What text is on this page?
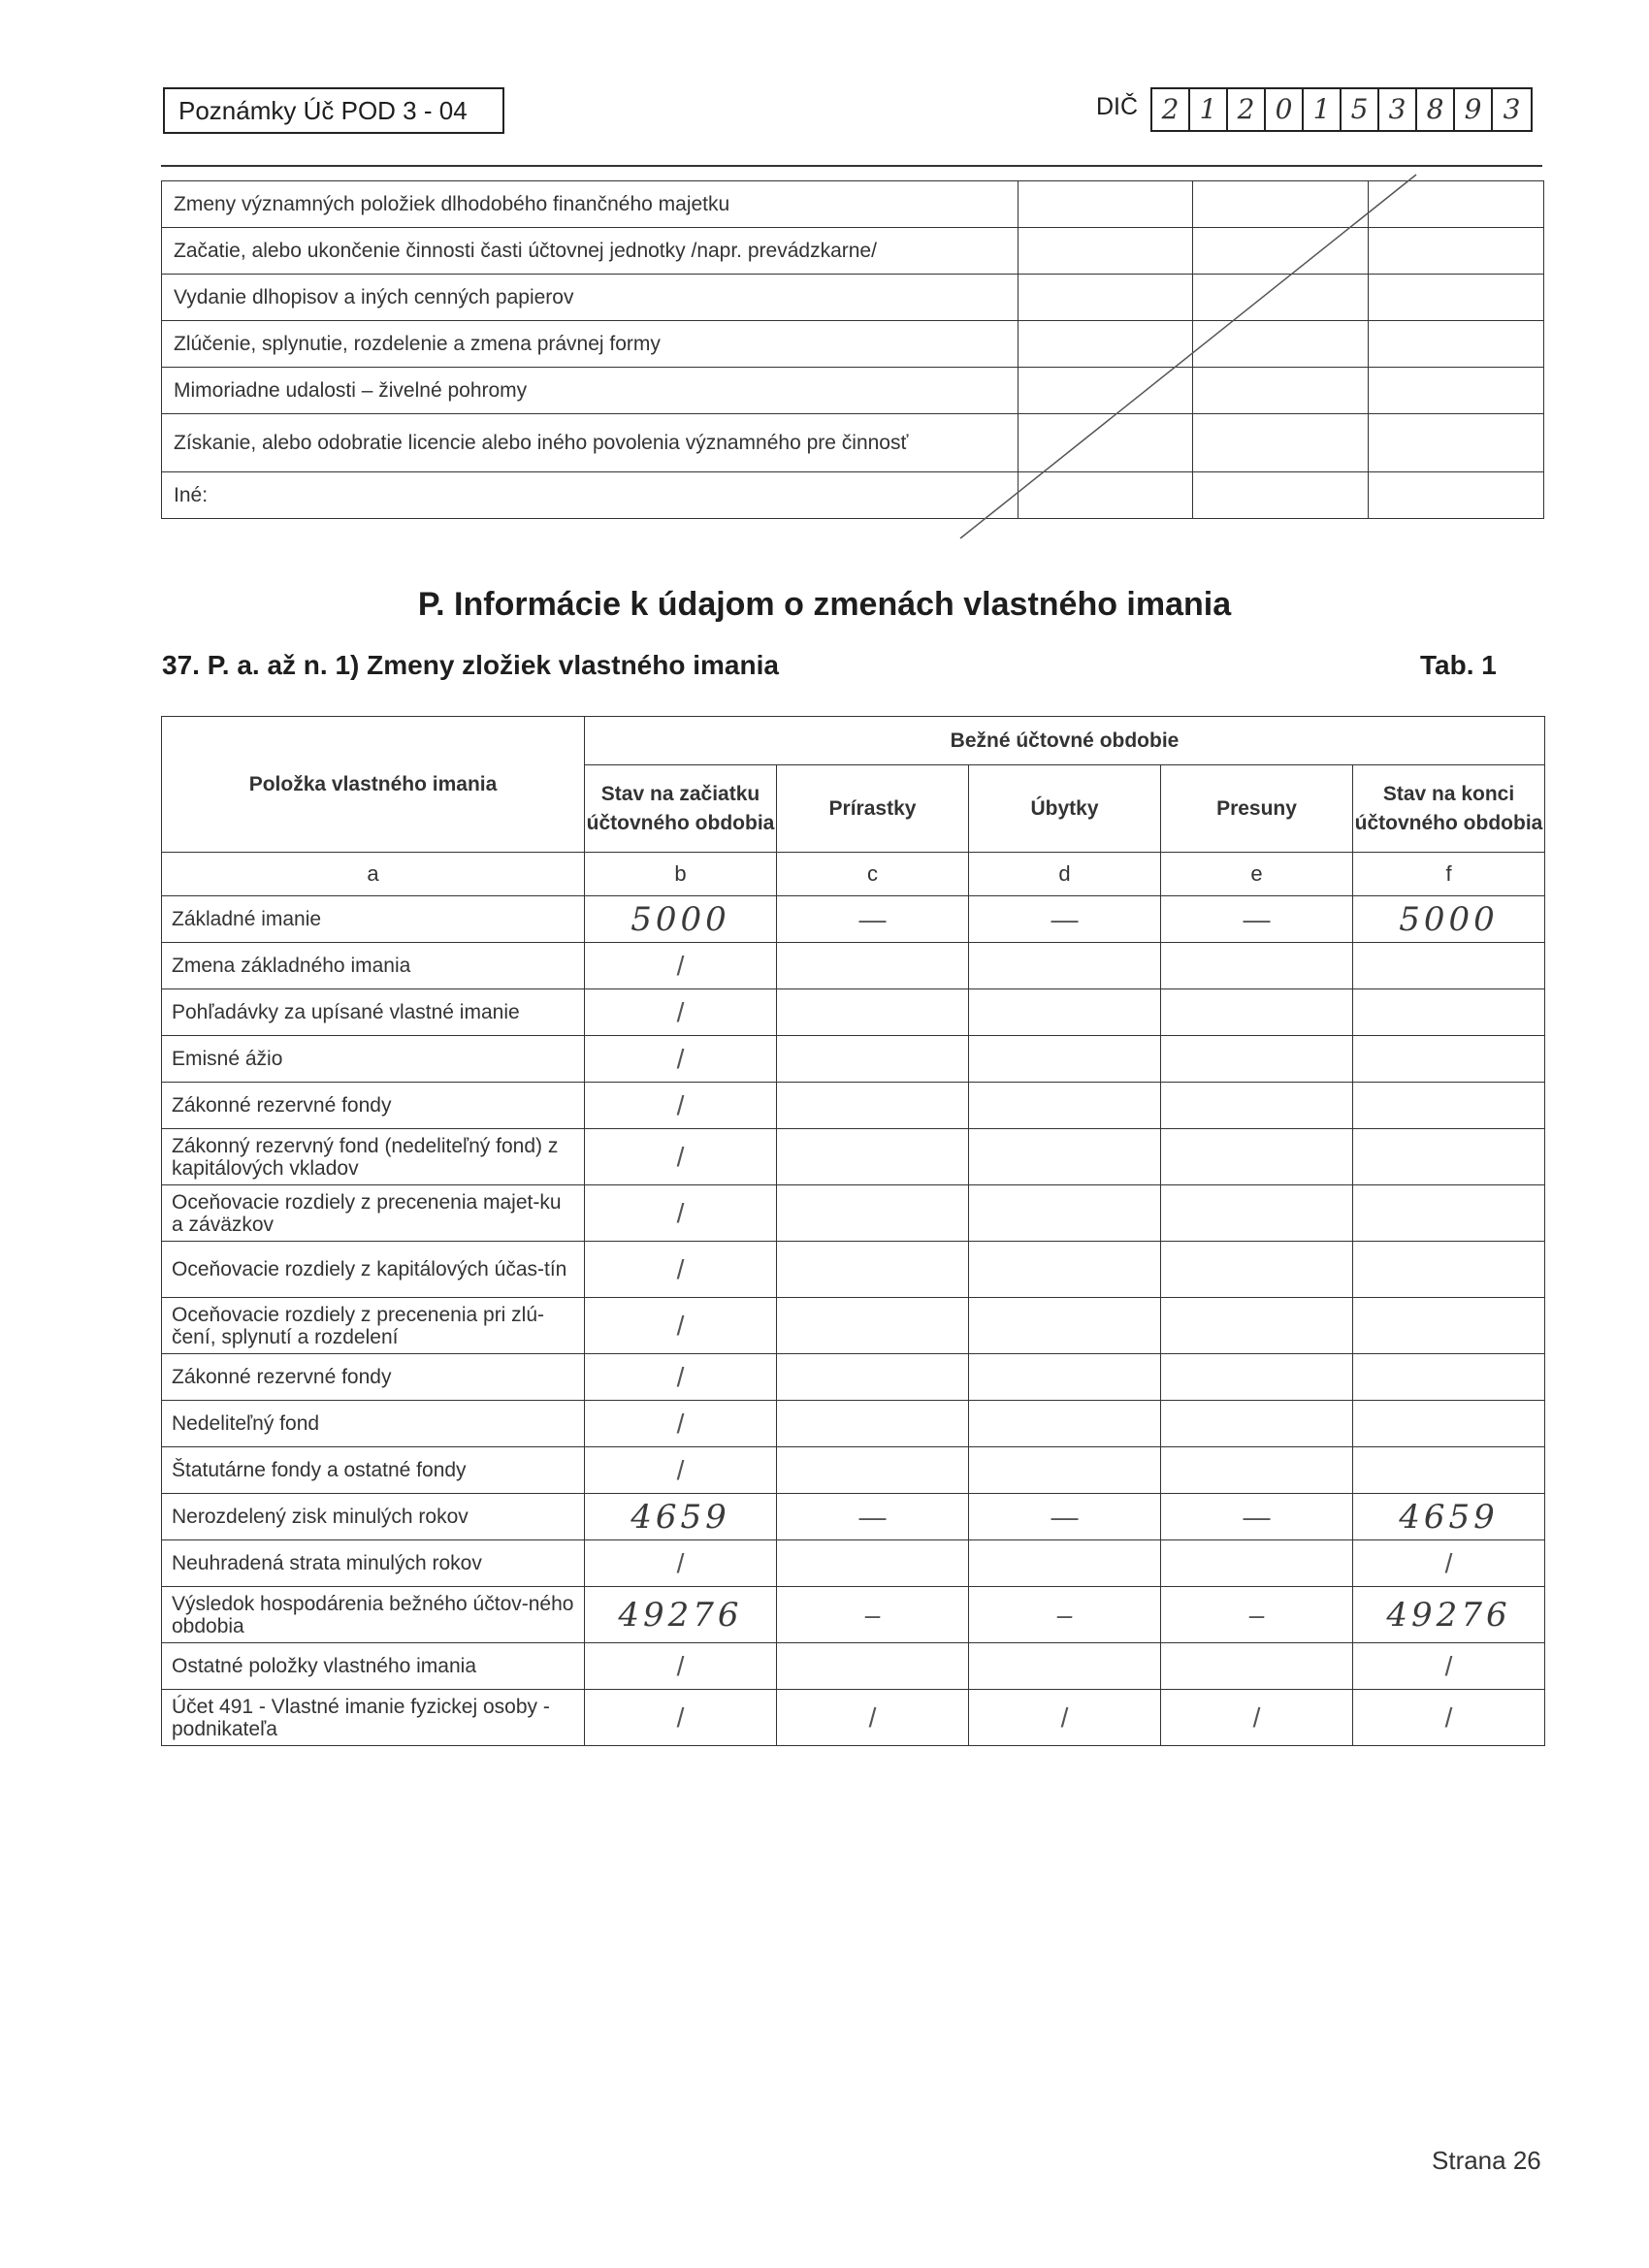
Poznámky Úč POD 3 - 04	DIČ 2 1 2 0 1 5 3 8 9 3
Zmeny významných položiek dlhodobého finančného majetku			
Začatie, alebo ukončenie činnosti časti účtovnej jednotky /napr. prevádzkarne/			
Vydanie dlhopisov a iných cenných papierov			
Zlúčenie, splynutie, rozdelenie a zmena právnej formy			
Mimoriadne udalosti – živelné pohromy			
Získanie, alebo odobratie licencie alebo iného povolenia významného pre činnosť			
Iné:			
P. Informácie k údajom o zmenách vlastného imania
37. P. a. až n. 1) Zmeny zložiek vlastného imania	Tab. 1
Položka vlastného imania	Bežné účtovné obdobie				
	Stav na začiatku účtovného obdobia	Prírastky	Úbytky	Presuny	Stav na konci účtovného obdobia
a	b	c	d	e	f
Základné imanie	5000	—	—	—	5000
Zmena základného imania	/				
Pohľadávky za upísané vlastné imanie	/				
Emisné ážio	/				
Zákonné rezervné fondy	/				
Zákonný rezervný fond (nedeliteľný fond) z kapitálových vkladov	/				
Oceňovacie rozdiely z precenenia majet-ku a záväzkov	/				
Oceňovacie rozdiely z kapitálových účas-tín	/				
Oceňovacie rozdiely z precenenia pri zlú-čení, splynutí a rozdelení	/				
Zákonné rezervné fondy	/				
Nedeliteľný fond	/				
Štatutárne fondy a ostatné fondy	/				
Nerozdelený zisk minulých rokov	4659	—	—	—	4659
Neuhradená strata minulých rokov	/				/
Výsledok hospodárenia bežného účtov-ného obdobia	49276	–	–	–	49276
Ostatné položky vlastného imania	/				/
Účet 491 - Vlastné imanie fyzickej osoby - podnikateľa	/	/	/	/	/
Strana 26
